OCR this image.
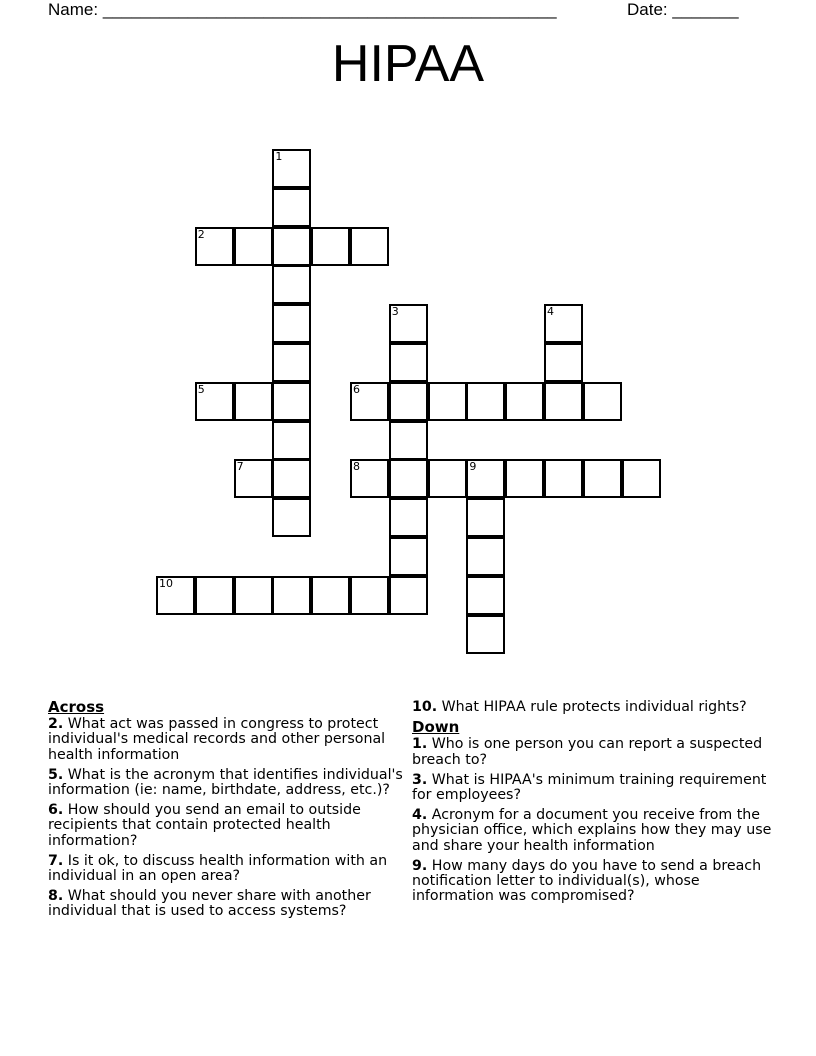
Name: ________________________________________________	Date: _______
HIPAA
1
3	4
9
2
5	6
7	8
10
Across
2. What act was passed in congress to protect individual's medical records and other personal health information
5. What is the acronym that identifies individual's information (ie: name, birthdate, address, etc.)?
6. How should you send an email to outside recipients that contain protected health information?
7. Is it ok, to discuss health information with an individual in an open area?
8. What should you never share with another individual that is used to access systems?
10. What HIPAA rule protects individual rights?
Down
1. Who is one person you can report a suspected breach to?
3. What is HIPAA's minimum training requirement for employees?
4. Acronym for a document you receive from the physician office, which explains how they may use and share your health information
9. How many days do you have to send a breach notification letter to individual(s), whose information was compromised?
